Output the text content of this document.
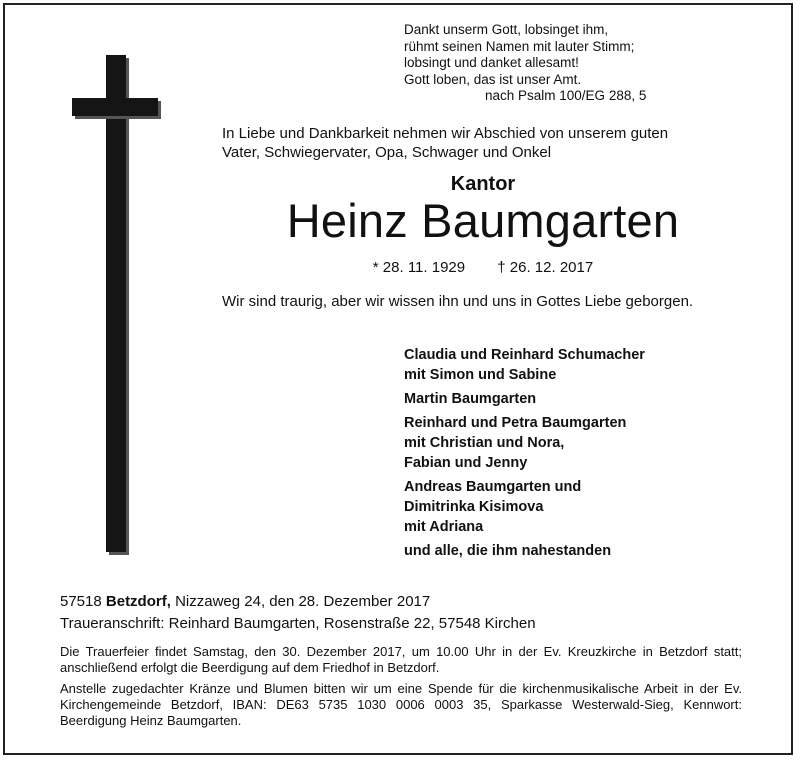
Dankt unserm Gott, lobsinget ihm,
rühmt seinen Namen mit lauter Stimm;
lobsingt und danket allesamt!
Gott loben, das ist unser Amt.
nach Psalm 100/EG 288, 5
In Liebe und Dankbarkeit nehmen wir Abschied von unserem guten
Vater, Schwiegervater, Opa, Schwager und Onkel
Kantor
Heinz Baumgarten
* 28. 11. 1929 † 26. 12. 2017
Wir sind traurig, aber wir wissen ihn und uns in Gottes Liebe geborgen.
Claudia und Reinhard Schumacher
mit Simon und Sabine
Martin Baumgarten
Reinhard und Petra Baumgarten
mit Christian und Nora,
Fabian und Jenny
Andreas Baumgarten und
Dimitrinka Kisimova
mit Adriana
und alle, die ihm nahestanden
57518 Betzdorf, Nizzaweg 24, den 28. Dezember 2017
Traueranschrift: Reinhard Baumgarten, Rosenstraße 22, 57548 Kirchen
Die Trauerfeier findet Samstag, den 30. Dezember 2017, um 10.00 Uhr in der Ev. Kreuzkirche in Betzdorf statt; anschließend erfolgt die Beerdigung auf dem Friedhof in Betzdorf.
Anstelle zugedachter Kränze und Blumen bitten wir um eine Spende für die kirchenmusikalische Arbeit in der Ev. Kirchengemeinde Betzdorf, IBAN: DE63 5735 1030 0006 0003 35, Sparkasse Westerwald-Sieg, Kennwort: Beerdigung Heinz Baumgarten.
